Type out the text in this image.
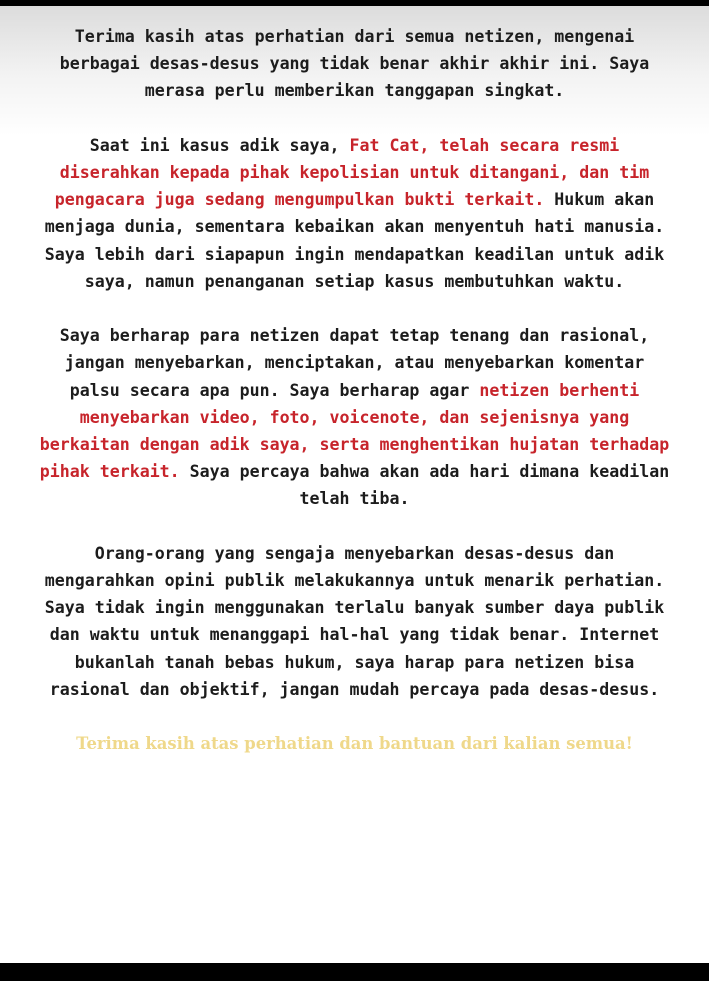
Terima kasih atas perhatian dari semua netizen, mengenai berbagai desas-desus yang tidak benar akhir akhir ini. Saya merasa perlu memberikan tanggapan singkat.

Saat ini kasus adik saya, Fat Cat, telah secara resmi diserahkan kepada pihak kepolisian untuk ditangani, dan tim pengacara juga sedang mengumpulkan bukti terkait. Hukum akan menjaga dunia, sementara kebaikan akan menyentuh hati manusia. Saya lebih dari siapapun ingin mendapatkan keadilan untuk adik saya, namun penanganan setiap kasus membutuhkan waktu.

Saya berharap para netizen dapat tetap tenang dan rasional, jangan menyebarkan, menciptakan, atau menyebarkan komentar palsu secara apa pun. Saya berharap agar netizen berhenti menyebarkan video, foto, voicenote, dan sejenisnya yang berkaitan dengan adik saya, serta menghentikan hujatan terhadap pihak terkait. Saya percaya bahwa akan ada hari dimana keadilan telah tiba.

Orang-orang yang sengaja menyebarkan desas-desus dan mengarahkan opini publik melakukannya untuk menarik perhatian. Saya tidak ingin menggunakan terlalu banyak sumber daya publik dan waktu untuk menanggapi hal-hal yang tidak benar. Internet bukanlah tanah bebas hukum, saya harap para netizen bisa rasional dan objektif, jangan mudah percaya pada desas-desus.

Terima kasih atas perhatian dan bantuan dari kalian semua!
